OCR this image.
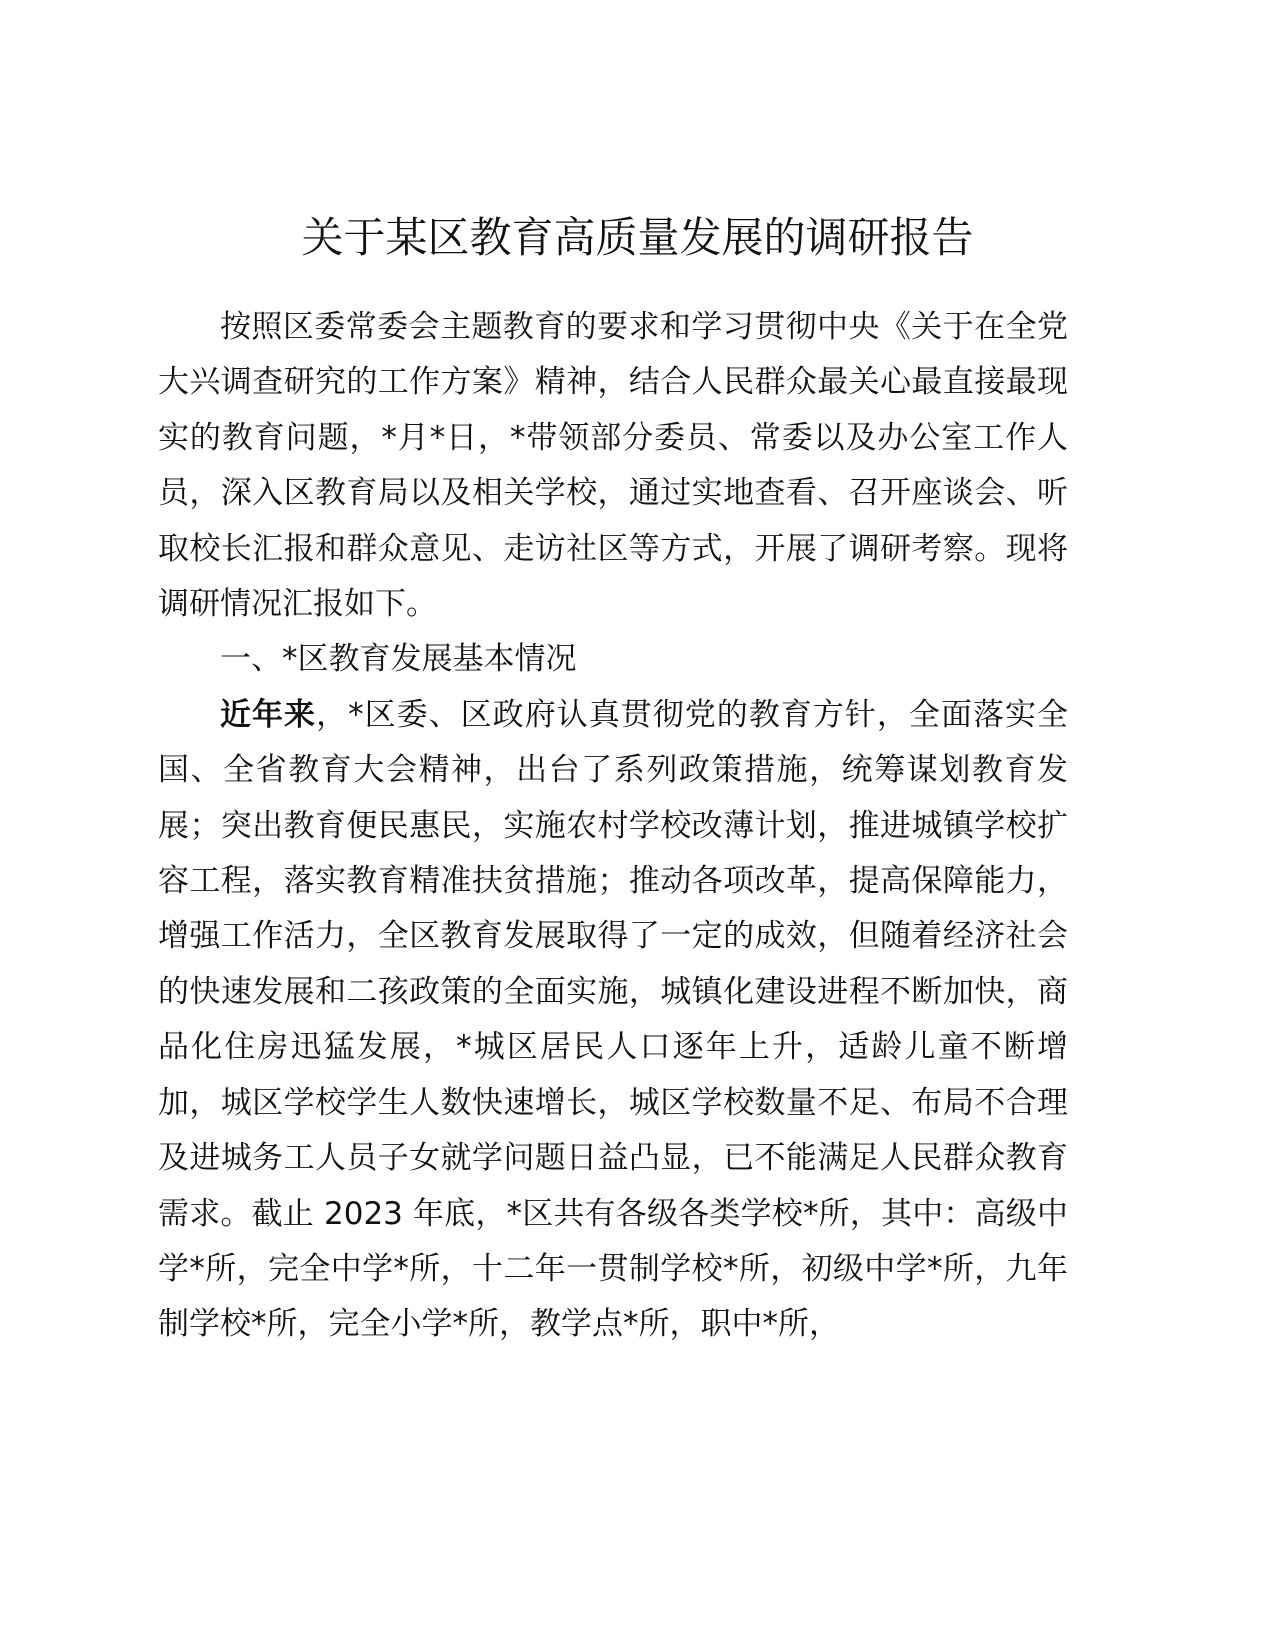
关于某区教育高质量发展的调研报告

按照区委常委会主题教育的要求和学习贯彻中央《关于在全党大兴调查研究的工作方案》精神，结合人民群众最关心最直接最现实的教育问题，*月*日，*带领部分委员、常委以及办公室工作人员，深入区教育局以及相关学校，通过实地查看、召开座谈会、听取校长汇报和群众意见、走访社区等方式，开展了调研考察。现将调研情况汇报如下。

一、*区教育发展基本情况

近年来，*区委、区政府认真贯彻党的教育方针，全面落实全国、全省教育大会精神，出台了系列政策措施，统筹谋划教育发展；突出教育便民惠民，实施农村学校改薄计划，推进城镇学校扩容工程，落实教育精准扶贫措施；推动各项改革，提高保障能力，增强工作活力，全区教育发展取得了一定的成效，但随着经济社会的快速发展和二孩政策的全面实施，城镇化建设进程不断加快，商品化住房迅猛发展，*城区居民人口逐年上升，适龄儿童不断增加，城区学校学生人数快速增长，城区学校数量不足、布局不合理及进城务工人员子女就学问题日益凸显，已不能满足人民群众教育需求。截止 2023 年底，*区共有各级各类学校*所，其中：高级中学*所，完全中学*所，十二年一贯制学校*所，初级中学*所，九年制学校*所，完全小学*所，教学点*所，职中*所，
